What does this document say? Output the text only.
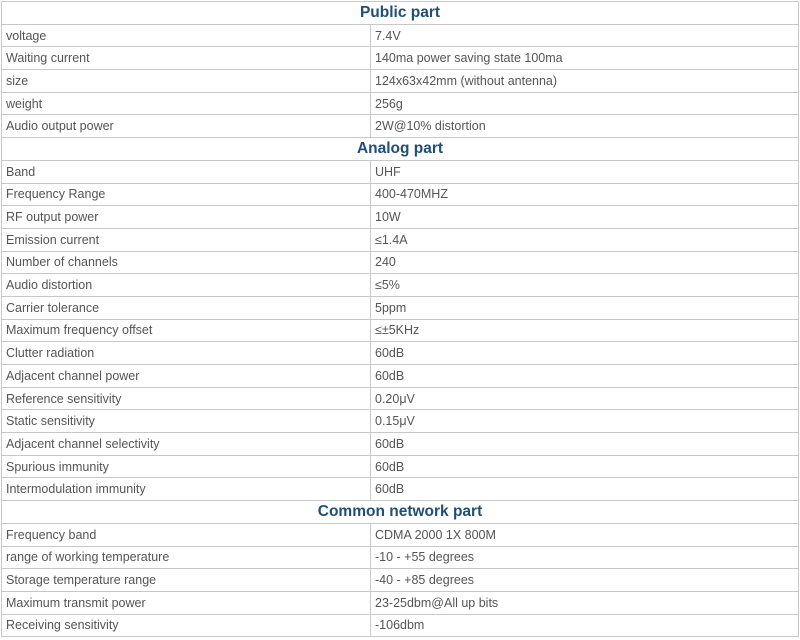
Public part	
voltage	7.4V
Waiting current	140ma power saving state 100ma
size	124x63x42mm (without antenna)
weight	256g
Audio output power	2W@10% distortion
Analog part	
Band	UHF
Frequency Range	400-470MHZ
RF output power	10W
Emission current	≤1.4A
Number of channels	240
Audio distortion	≤5%
Carrier tolerance	5ppm
Maximum frequency offset	≤±5KHz
Clutter radiation	60dB
Adjacent channel power	60dB
Reference sensitivity	0.20μV
Static sensitivity	0.15μV
Adjacent channel selectivity	60dB
Spurious immunity	60dB
Intermodulation immunity	60dB
Common network part	
Frequency band	CDMA 2000 1X 800M
range of working temperature	-10 - +55 degrees
Storage temperature range	-40 - +85 degrees
Maximum transmit power	23-25dbm@All up bits
Receiving sensitivity	-106dbm
